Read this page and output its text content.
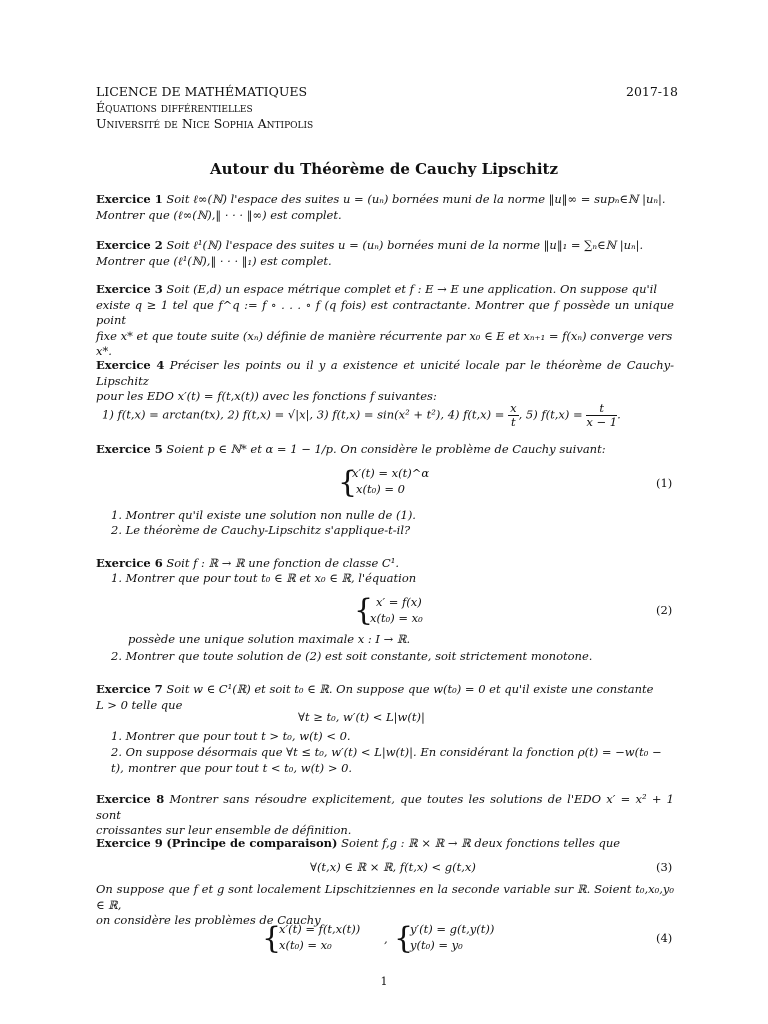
LICENCE DE MATHÉMATIQUES
Équations différentielles
Université de Nice Sophia Antipolis
2017-18
Autour du Théorème de Cauchy Lipschitz
Exercice 1 Soit ℓ∞(ℕ) l'espace des suites u = (uₙ) bornées muni de la norme ‖u‖∞ = supₙ∈ℕ |uₙ|.
Montrer que (ℓ∞(ℕ),‖ · · · ‖∞) est complet.
Exercice 2 Soit ℓ¹(ℕ) l'espace des suites u = (uₙ) bornées muni de la norme ‖u‖₁ = ∑ₙ∈ℕ |uₙ|.
Montrer que (ℓ¹(ℕ),‖ · · · ‖₁) est complet.
Exercice 3 Soit (E,d) un espace métrique complet et f : E → E une application. On suppose qu'il
existe q ≥ 1 tel que f^q := f ∘ . . . ∘ f (q fois) est contractante. Montrer que f possède un unique point
fixe x* et que toute suite (xₙ) définie de manière récurrente par x₀ ∈ E et xₙ₊₁ = f(xₙ) converge vers
x*.
Exercice 4 Préciser les points ou il y a existence et unicité locale par le théorème de Cauchy-Lipschitz
pour les EDO x′(t) = f(t,x(t)) avec les fonctions f suivantes:
1) f(t,x) = arctan(tx), 2) f(t,x) = √|x|, 3) f(t,x) = sin(x² + t²), 4) $f(t,x) = \frac{x}{t}$ , 5) $f(t,x) = \frac{t}{x - 1}$ .
Exercice 5 Soient p ∈ ℕ* et α = 1 − 1/p. On considère le problème de Cauchy suivant:
{
x′(t) = x(t)^α
x(t₀) = 0	(1)
1. Montrer qu'il existe une solution non nulle de (1).
2. Le théorème de Cauchy-Lipschitz s'applique-t-il?
Exercice 6 Soit f : ℝ → ℝ une fonction de classe C¹.
1. Montrer que pour tout t₀ ∈ ℝ et x₀ ∈ ℝ, l'équation
{ x′ = f(x)
x(t₀) = x₀
(2)
possède une unique solution maximale x : I → ℝ.
2. Montrer que toute solution de (2) est soit constante, soit strictement monotone.
Exercice 7 Soit w ∈ C¹(ℝ) et soit t₀ ∈ ℝ. On suppose que w(t₀) = 0 et qu'il existe une constante
L > 0 telle que
∀t ≥ t₀, w′(t) < L|w(t)|
1. Montrer que pour tout t > t₀, w(t) < 0.
2. On suppose désormais que ∀t ≤ t₀, w′(t) < L|w(t)|. En considérant la fonction ρ(t) = −w(t₀ − t), montrer que pour tout t < t₀, w(t) > 0.
Exercice 8 Montrer sans résoudre explicitement, que toutes les solutions de l'EDO x′ = x² + 1 sont
croissantes sur leur ensemble de définition.
Exercice 9 (Principe de comparaison) Soient f,g : ℝ × ℝ → ℝ deux fonctions telles que
∀(t,x) ∈ ℝ × ℝ, f(t,x) < g(t,x)	(3)
On suppose que f et g sont localement Lipschitziennes en la seconde variable sur ℝ. Soient t₀,x₀,y₀ ∈ ℝ,
on considère les problèmes de Cauchy
{
x′(t) = f(t,x(t))
x(t₀) = x₀	, {
y′(t) = g(t,y(t))
y(t₀) = y₀	(4)
1
